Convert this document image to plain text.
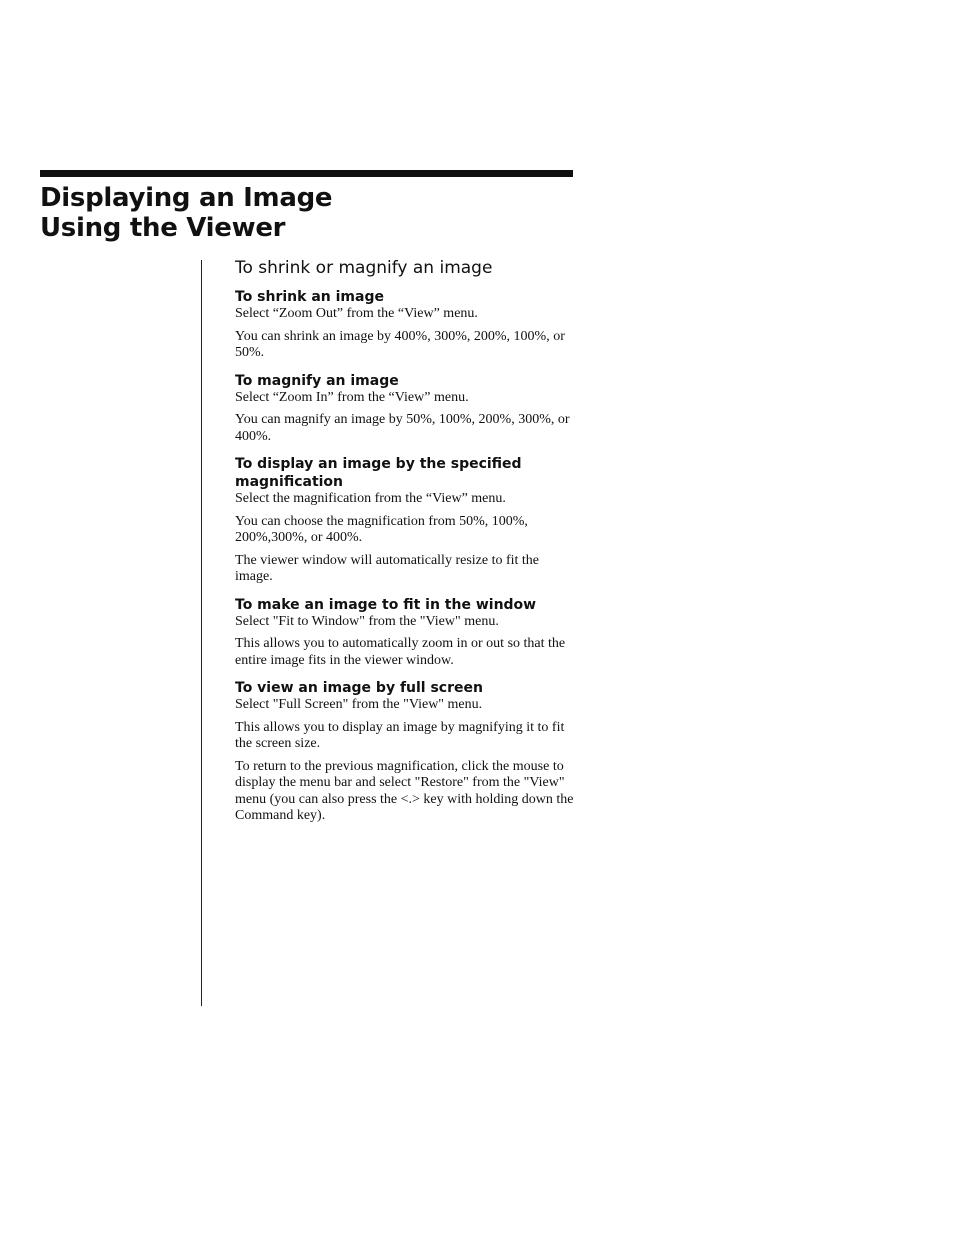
Displaying an Image
Using the Viewer
To shrink or magnify an image
To shrink an image

Select “Zoom Out” from the “View” menu.

You can shrink an image by 400%, 300%, 200%, 100%, or 50%.

To magnify an image

Select “Zoom In” from the “View” menu.

You can magnify an image by 50%, 100%, 200%, 300%, or 400%.

To display an image by the specified magnification

Select the magnification from the “View” menu.

You can choose the magnification from 50%, 100%, 200%,300%, or 400%.

The viewer window will automatically resize to fit the image.

To make an image to fit in the window

Select "Fit to Window" from the "View" menu.

This allows you to automatically zoom in or out so that the entire image fits in the viewer window.

To view an image by full screen

Select "Full Screen" from the "View" menu.

This allows you to display an image by magnifying it to fit the screen size.

To return to the previous magnification, click the mouse to display the menu bar and select "Restore" from the "View" menu (you can also press the <.> key with holding down the Command key).
